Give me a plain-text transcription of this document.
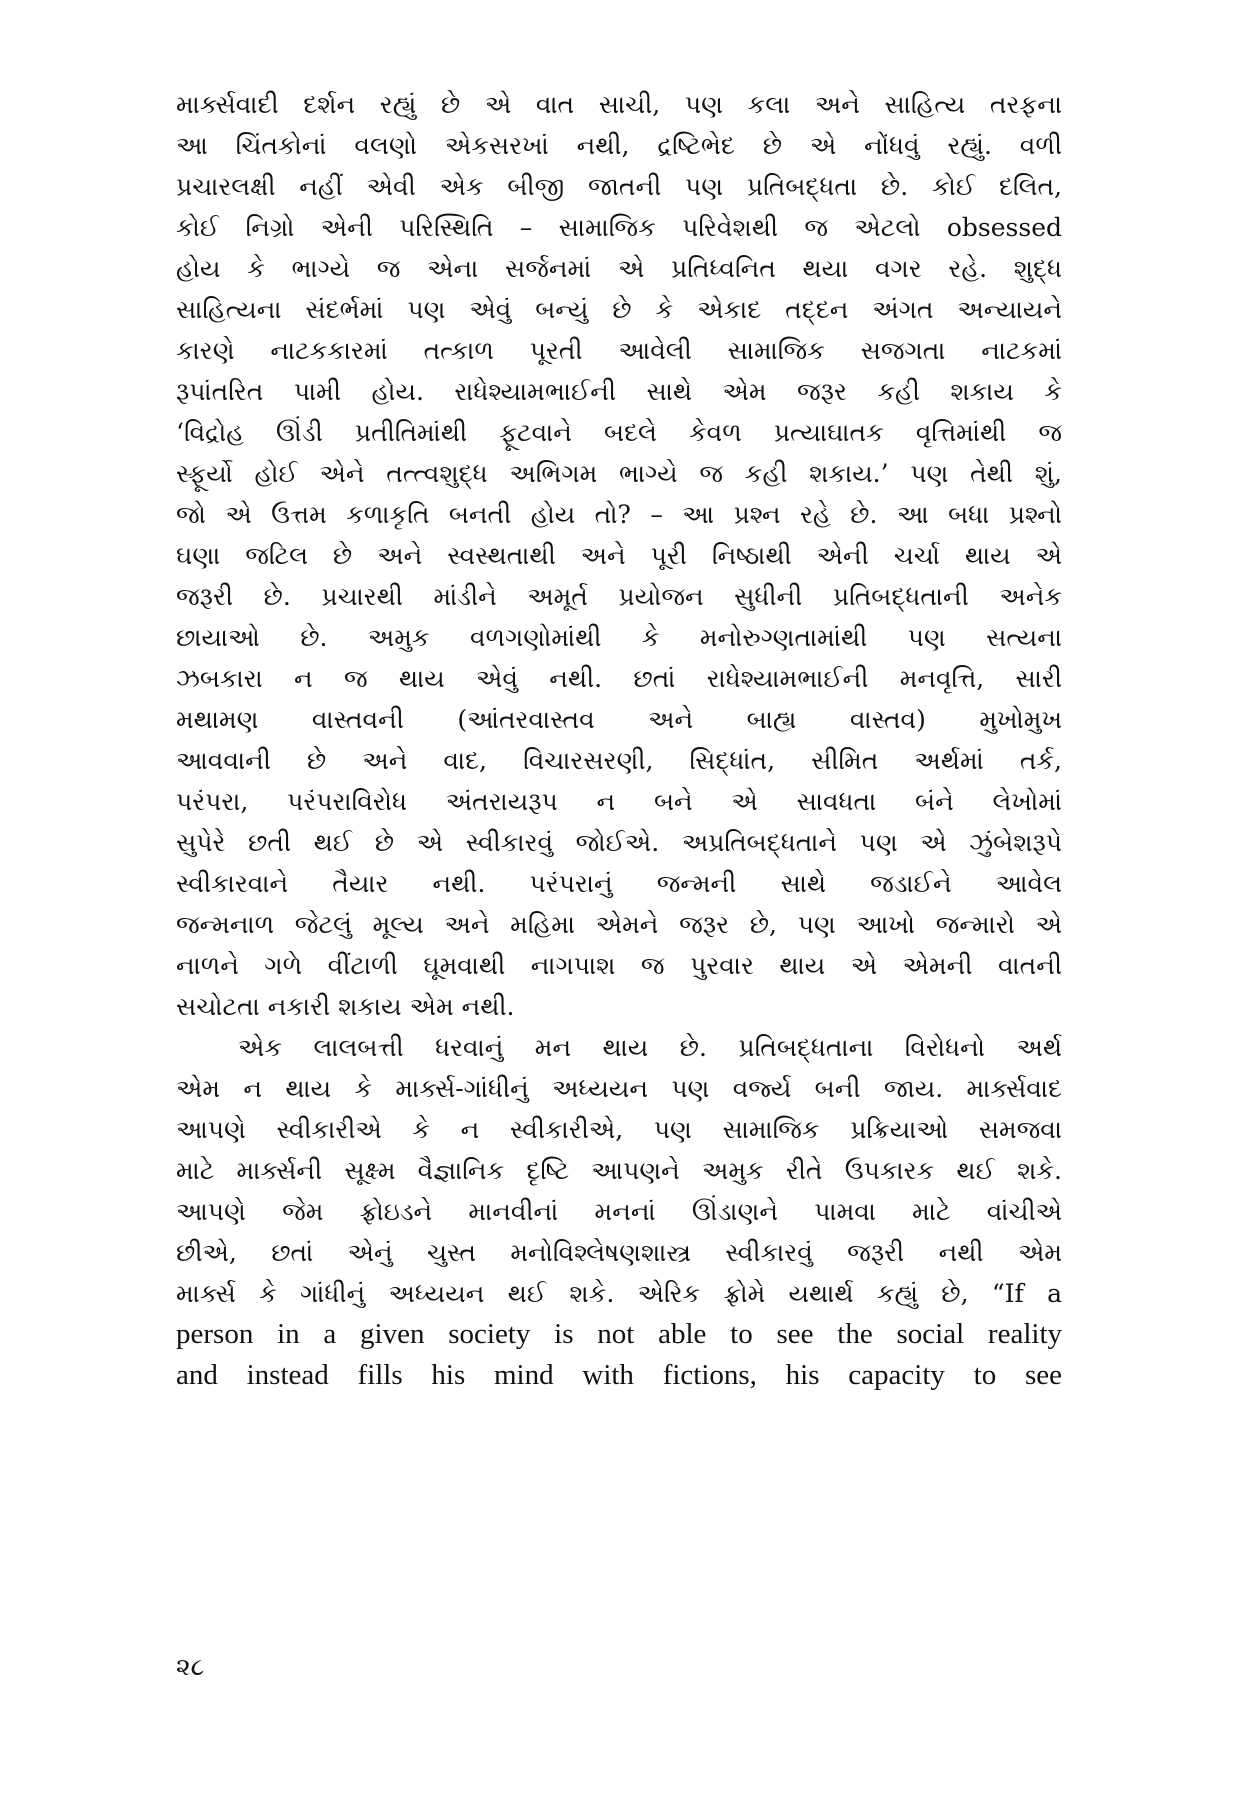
માર્ક્સવાદી દર્શન રહ્યું છે એ વાત સાચી, પણ કલા અને સાહિત્ય તરફના
આ ચિંતકોનાં વલણો એકસરખાં નથી, દ્રષ્ટિભેદ છે એ નોંધવું રહ્યું. વળી
પ્રચારલક્ષી નહીં એવી એક બીજી જાતની પણ પ્રતિબદ્ધતા છે. કોઈ દલિત,
કોઈ નિગ્રો એની પરિસ્થિતિ – સામાજિક પરિવેશથી જ એટલો obsessed
હોય કે ભાગ્યે જ એના સર્જનમાં એ પ્રતિધ્વનિત થયા વગર રહે. શુદ્ધ
સાહિત્યના સંદર્ભમાં પણ એવું બન્યું છે કે એકાદ તદ્દન અંગત અન્યાયને
કારણે નાટકકારમાં તત્કાળ પૂરતી આવેલી સામાજિક સજગતા નાટકમાં
રૂપાંતરિત પામી હોય. રાધેશ્યામભાઈની સાથે એમ જરૂર કહી શકાય કે
‘વિદ્રોહ ઊંડી પ્રતીતિમાંથી ફૂટવાને બદલે કેવળ પ્રત્યાઘાતક વૃત્તિમાંથી જ
સ્ફૂર્યો હોઈ એને તત્ત્વશુદ્ધ અભિગમ ભાગ્યે જ કહી શકાય.’ પણ તેથી શું,
જો એ ઉત્તમ કળાકૃતિ બનતી હોય તો? – આ પ્રશ્ન રહે છે. આ બધા પ્રશ્નો
ઘણા જટિલ છે અને સ્વસ્થતાથી અને પૂરી નિષ્ઠાથી એની ચર્ચા થાય એ
જરૂરી છે. પ્રચારથી માંડીને અમૂર્ત પ્રયોજન સુધીની પ્રતિબદ્ધતાની અનેક
છાયાઓ છે. અમુક વળગણોમાંથી કે મનોરુગ્ણતામાંથી પણ સત્યના
ઝબકારા ન જ થાય એવું નથી. છતાં રાધેશ્યામભાઈની મનવૃત્તિ, સારી
મથામણ વાસ્તવની (આંતરવાસ્તવ અને બાહ્ય વાસ્તવ) મુખોમુખ
આવવાની છે અને વાદ, વિચારસરણી, સિદ્ધાંત, સીમિત અર્થમાં તર્ક,
પરંપરા, પરંપરાવિરોધ અંતરાયરૂપ ન બને એ સાવધતા બંને લેખોમાં
સુપેરે છતી થઈ છે એ સ્વીકારવું જોઈએ. અપ્રતિબદ્ધતાને પણ એ ઝુંબેશરૂપે
સ્વીકારવાને તૈયાર નથી. પરંપરાનું જન્મની સાથે જડાઈને આવેલ
જન્મનાળ જેટલું મૂલ્ય અને મહિમા એમને જરૂર છે, પણ આખો જન્મારો એ
નાળને ગળે વીંટાળી ઘૂમવાથી નાગપાશ જ પુરવાર થાય એ એમની વાતની
સચોટતા નકારી શકાય એમ નથી.
એક લાલબત્તી ધરવાનું મન થાય છે. પ્રતિબદ્ધતાના વિરોધનો અર્થ
એમ ન થાય કે માર્ક્સ-ગાંધીનું અધ્યયન પણ વર્જ્ય બની જાય. માર્ક્સવાદ
આપણે સ્વીકારીએ કે ન સ્વીકારીએ, પણ સામાજિક પ્રક્રિયાઓ સમજવા
માટે માર્ક્સની સૂક્ષ્મ વૈજ્ઞાનિક દૃષ્ટિ આપણને અમુક રીતે ઉપકારક થઈ શકે.
આપણે જેમ ફ્રોઇડને માનવીનાં મનનાં ઊંડાણને પામવા માટે વાંચીએ
છીએ, છતાં એનું ચુસ્ત મનોવિશ્લેષણશાસ્ત્ર સ્વીકારવું જરૂરી નથી એમ
માર્ક્સ કે ગાંધીનું અધ્યયન થઈ શકે. એરિક ફ્રોમે યથાર્થ કહ્યું છે, “If a
person in a given society is not able to see the social reality
and instead fills his mind with fictions, his capacity to see
૨૮
